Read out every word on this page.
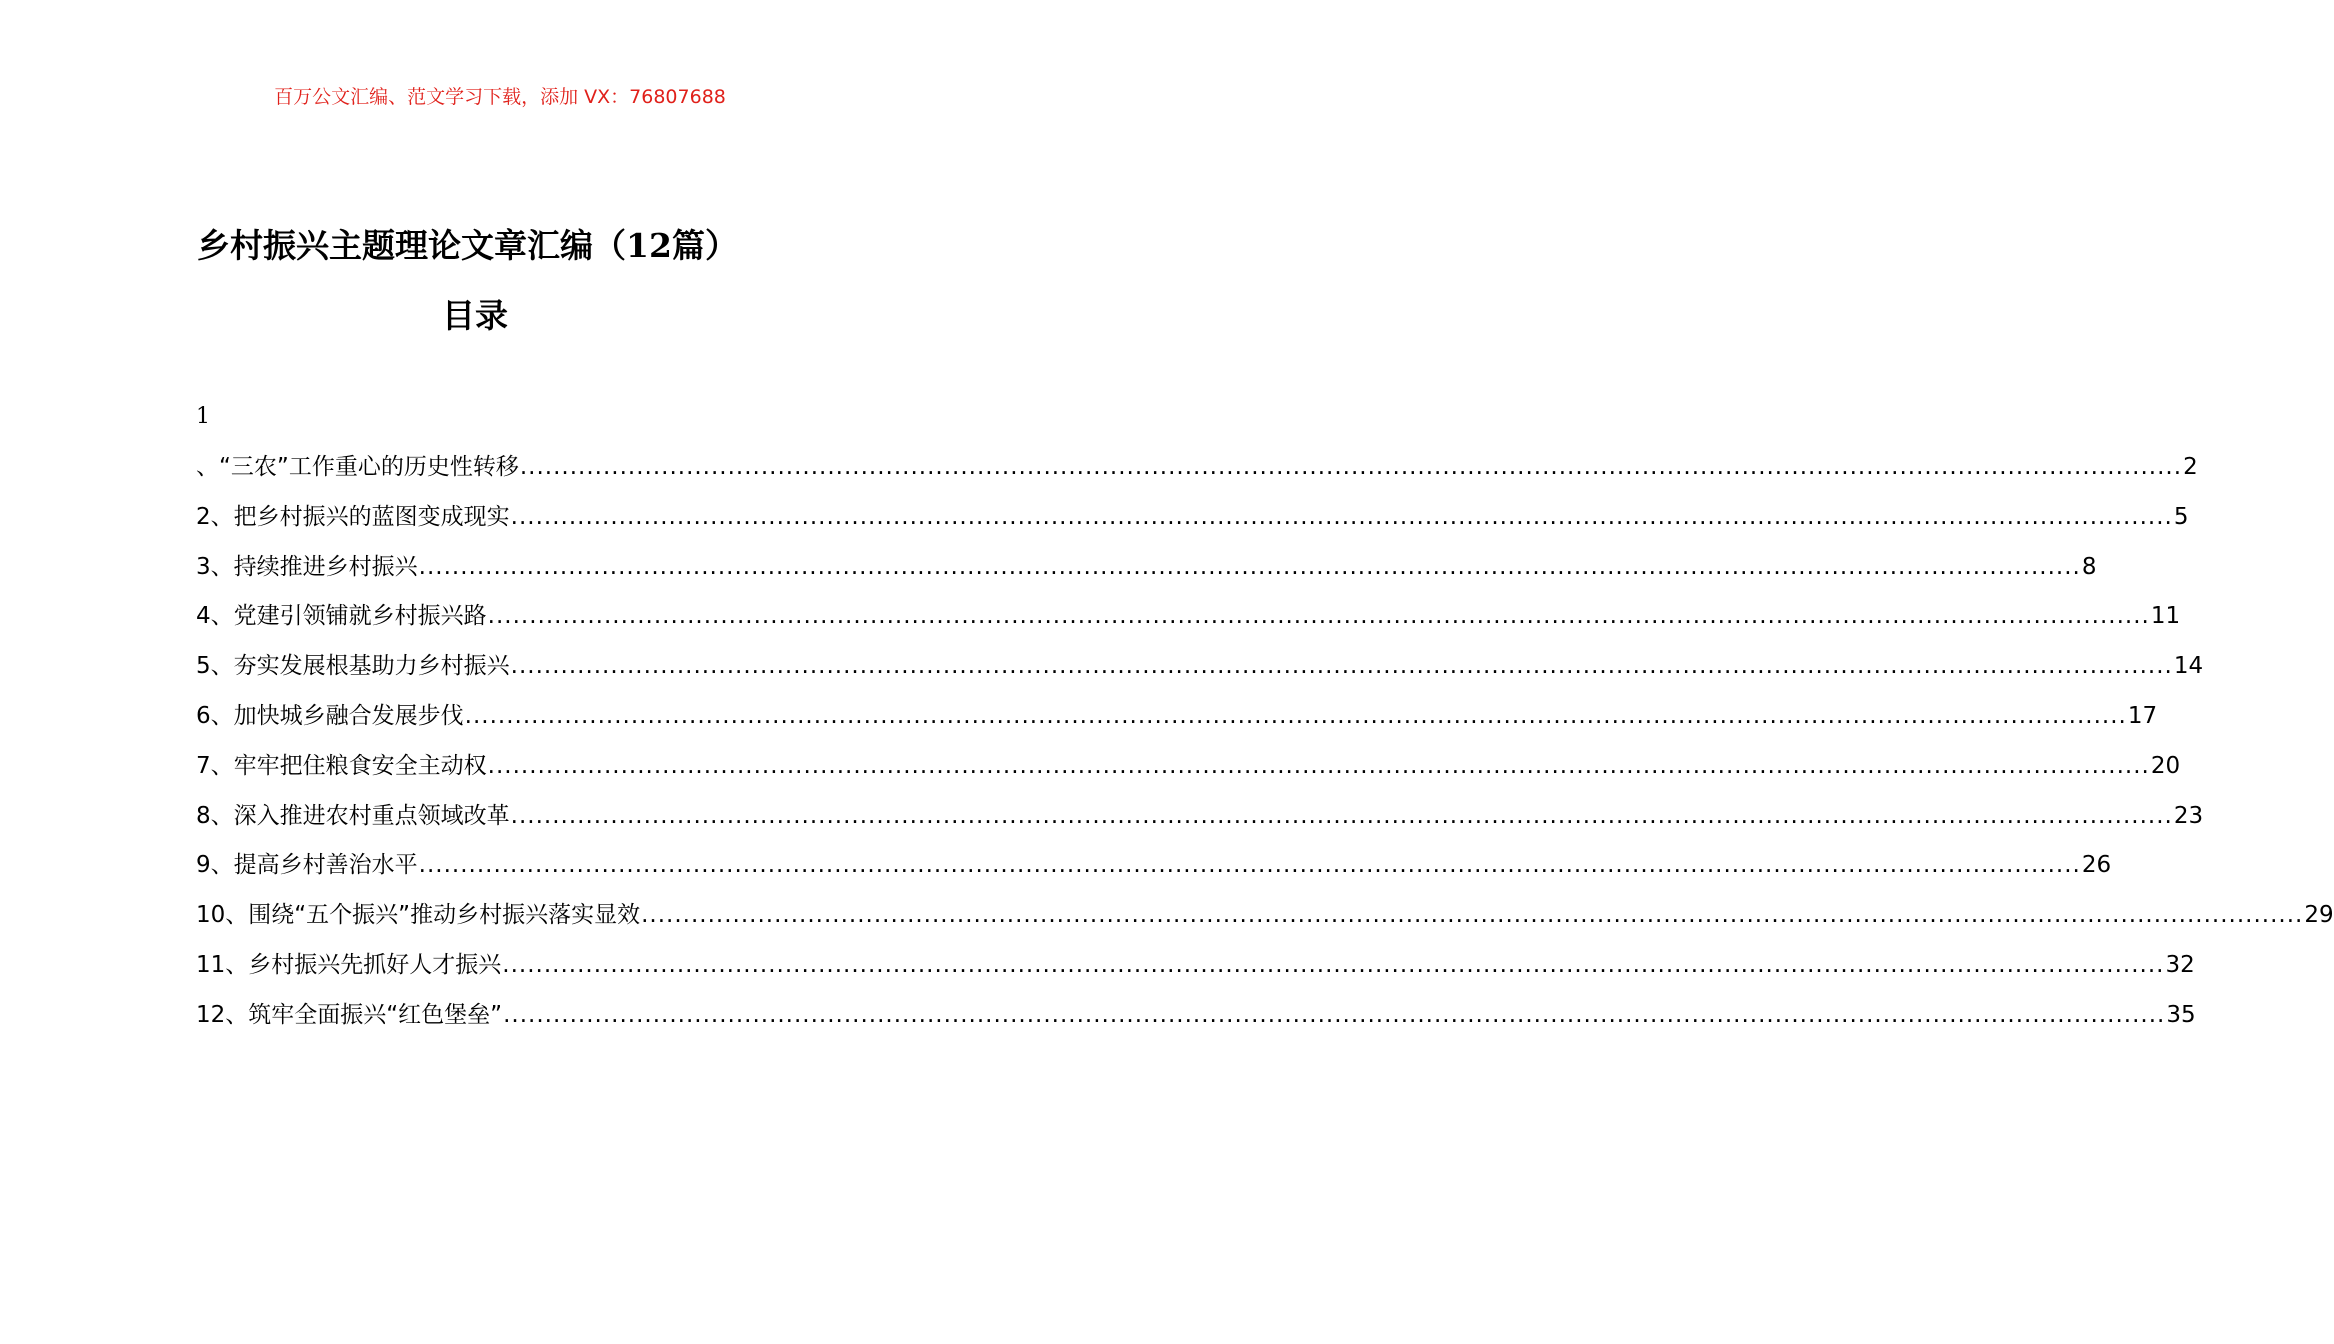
百万公文汇编、范文学习下载，添加 VX：76807688
乡村振兴主题理论文章汇编（12篇）
目录
1
、“三农”工作重心的历史性转移 ........................................................................................................................................................................................................ 2
2、把乡村振兴的蓝图变成现实 ........................................................................................................................................................................................................ 5
3、持续推进乡村振兴 ........................................................................................................................................................................................................ 8
4、党建引领铺就乡村振兴路 ........................................................................................................................................................................................................ 11
5、夯实发展根基助力乡村振兴 ........................................................................................................................................................................................................ 14
6、加快城乡融合发展步伐 ........................................................................................................................................................................................................ 17
7、牢牢把住粮食安全主动权 ........................................................................................................................................................................................................ 20
8、深入推进农村重点领域改革 ........................................................................................................................................................................................................ 23
9、提高乡村善治水平 ........................................................................................................................................................................................................ 26
10、围绕“五个振兴”推动乡村振兴落实显效 ........................................................................................................................................................................................................ 29
11、乡村振兴先抓好人才振兴 ........................................................................................................................................................................................................ 32
12、筑牢全面振兴“红色堡垒” ........................................................................................................................................................................................................ 35
